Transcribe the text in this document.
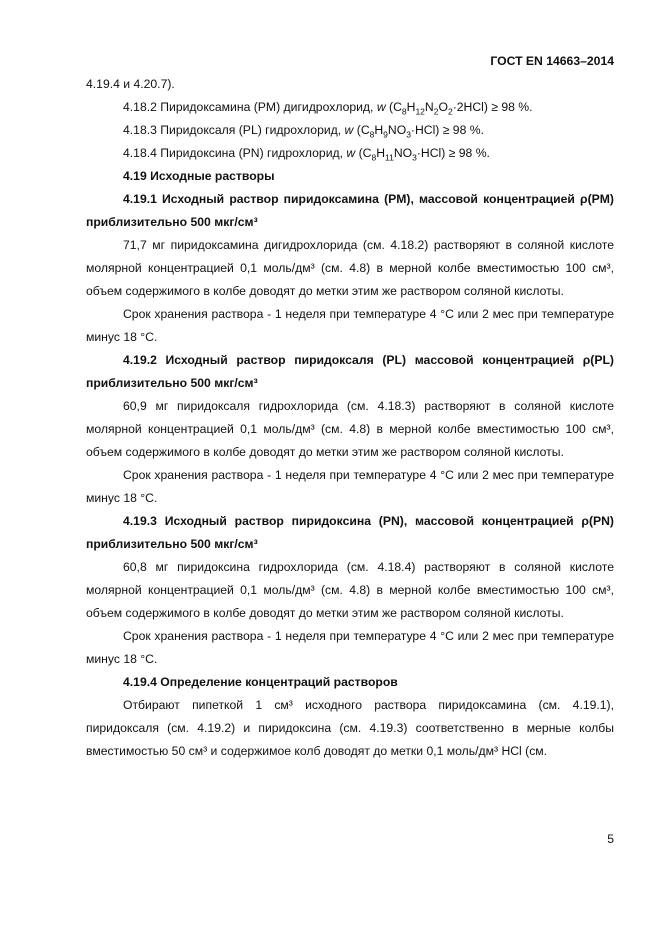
ГОСТ EN 14663–2014

4.19.4 и 4.20.7).

4.18.2 Пиридоксамина (PM) дигидрохлорид, w $(C_8H_{12}N_2O_2\cdot 2HCl) \ge 98$ %.

4.18.3 Пиридоксаля (PL) гидрохлорид, w $(C_8H_9NO_3\cdot HCl) \ge 98$ %.

4.18.4 Пиридоксина (PN) гидрохлорид, w $(C_8H_{11}NO_3\cdot HCl) \ge 98$ %.

4.19 Исходные растворы

4.19.1 Исходный раствор пиридоксамина (PM), массовой концентрацией ρ(PM) приблизительно 500 мкг/см³

71,7 мг пиридоксамина дигидрохлорида (см. 4.18.2) растворяют в соляной кислоте молярной концентрацией 0,1 моль/дм³ (см. 4.8) в мерной колбе вместимостью 100 см³, объем содержимого в колбе доводят до метки этим же раствором соляной кислоты.

Срок хранения раствора - 1 неделя при температуре 4 °С или 2 мес при температуре минус 18 °С.

4.19.2 Исходный раствор пиридоксаля (PL) массовой концентрацией ρ(PL) приблизительно 500 мкг/см³

60,9 мг пиридоксаля гидрохлорида (см. 4.18.3) растворяют в соляной кислоте молярной концентрацией 0,1 моль/дм³ (см. 4.8) в мерной колбе вместимостью 100 см³, объем содержимого в колбе доводят до метки этим же раствором соляной кислоты.

Срок хранения раствора - 1 неделя при температуре 4 °С или 2 мес при температуре минус 18 °С.

4.19.3 Исходный раствор пиридоксина (PN), массовой концентрацией ρ(PN) приблизительно 500 мкг/см³

60,8 мг пиридоксина гидрохлорида (см. 4.18.4) растворяют в соляной кислоте молярной концентрацией 0,1 моль/дм³ (см. 4.8) в мерной колбе вместимостью 100 см³, объем содержимого в колбе доводят до метки этим же раствором соляной кислоты.

Срок хранения раствора - 1 неделя при температуре 4 °С или 2 мес при температуре минус 18 °С.

4.19.4 Определение концентраций растворов

Отбирают пипеткой 1 см³ исходного раствора пиридоксамина (см. 4.19.1), пиридоксаля (см. 4.19.2) и пиридоксина (см. 4.19.3) соответственно в мерные колбы вместимостью 50 см³ и содержимое колб доводят до метки 0,1 моль/дм³ HCl (см.

5
